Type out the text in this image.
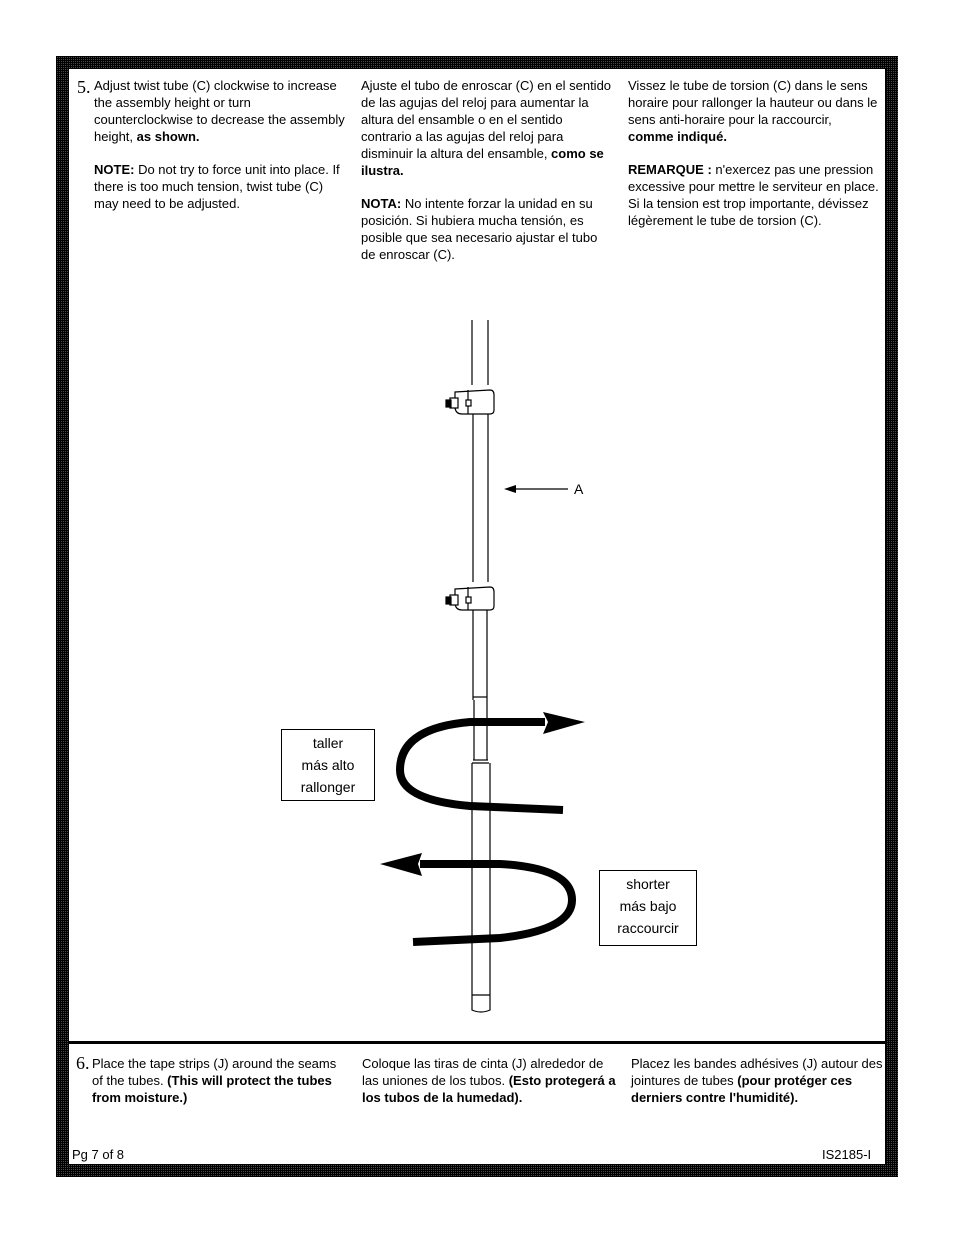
5. Adjust twist tube (C) clockwise to increase the assembly height or turn counterclockwise to decrease the assembly height, as shown.

NOTE: Do not try to force unit into place. If there is too much tension, twist tube (C) may need to be adjusted.

Ajuste el tubo de enroscar (C) en el sentido de las agujas del reloj para aumentar la altura del ensamble o en el sentido contrario a las agujas del reloj para disminuir la altura del ensamble, como se ilustra.

NOTA: No intente forzar la unidad en su posición. Si hubiera mucha tensión, es posible que sea necesario ajustar el tubo de enroscar (C).

Vissez le tube de torsion (C) dans le sens horaire pour rallonger la hauteur ou dans le sens anti-horaire pour la raccourcir, comme indiqué.

REMARQUE : n'exercez pas une pression excessive pour mettre le serviteur en place. Si la tension est trop importante, dévissez légèrement le tube de torsion (C).

A
taller
más alto
rallonger
shorter
más bajo
raccourcir
6. Place the tape strips (J) around the seams of the tubes. (This will protect the tubes from moisture.)
Coloque las tiras de cinta (J) alrededor de las uniones de los tubos. (Esto protegerá a los tubos de la humedad).
Placez les bandes adhésives (J) autour des jointures de tubes (pour protéger ces derniers contre l'humidité).
Pg 7 of 8	IS2185-I
